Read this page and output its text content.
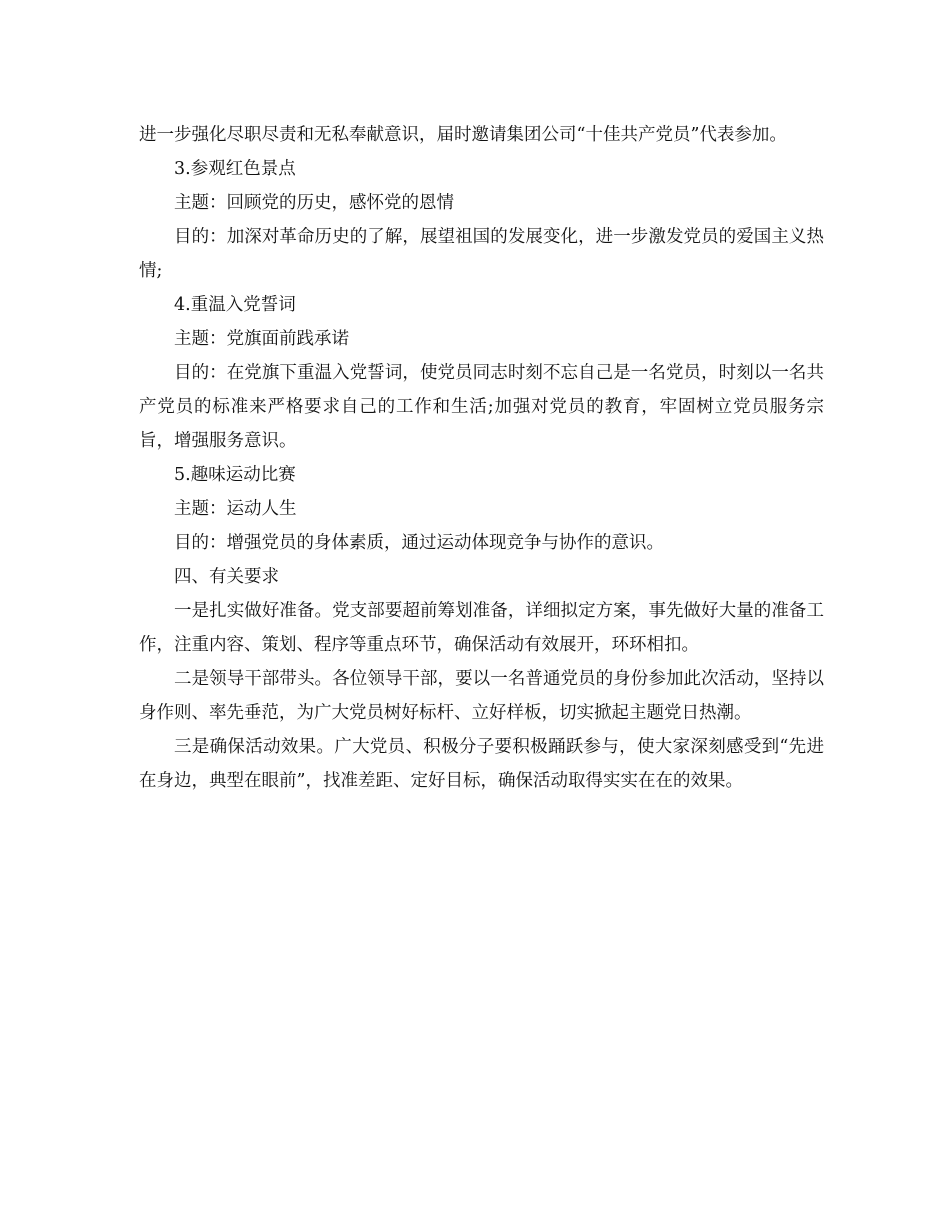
进一步强化尽职尽责和无私奉献意识，届时邀请集团公司“十佳共产党员”代表参加。

3.参观红色景点

主题：回顾党的历史，感怀党的恩情

目的：加深对革命历史的了解，展望祖国的发展变化，进一步激发党员的爱国主义热情;

4.重温入党誓词

主题：党旗面前践承诺

目的：在党旗下重温入党誓词，使党员同志时刻不忘自己是一名党员，时刻以一名共产党员的标准来严格要求自己的工作和生活;加强对党员的教育，牢固树立党员服务宗旨，增强服务意识。

5.趣味运动比赛

主题：运动人生

目的：增强党员的身体素质，通过运动体现竞争与协作的意识。

四、有关要求

一是扎实做好准备。党支部要超前筹划准备，详细拟定方案，事先做好大量的准备工作，注重内容、策划、程序等重点环节，确保活动有效展开，环环相扣。

二是领导干部带头。各位领导干部，要以一名普通党员的身份参加此次活动，坚持以身作则、率先垂范，为广大党员树好标杆、立好样板，切实掀起主题党日热潮。

三是确保活动效果。广大党员、积极分子要积极踊跃参与，使大家深刻感受到“先进在身边，典型在眼前”，找准差距、定好目标，确保活动取得实实在在的效果。
